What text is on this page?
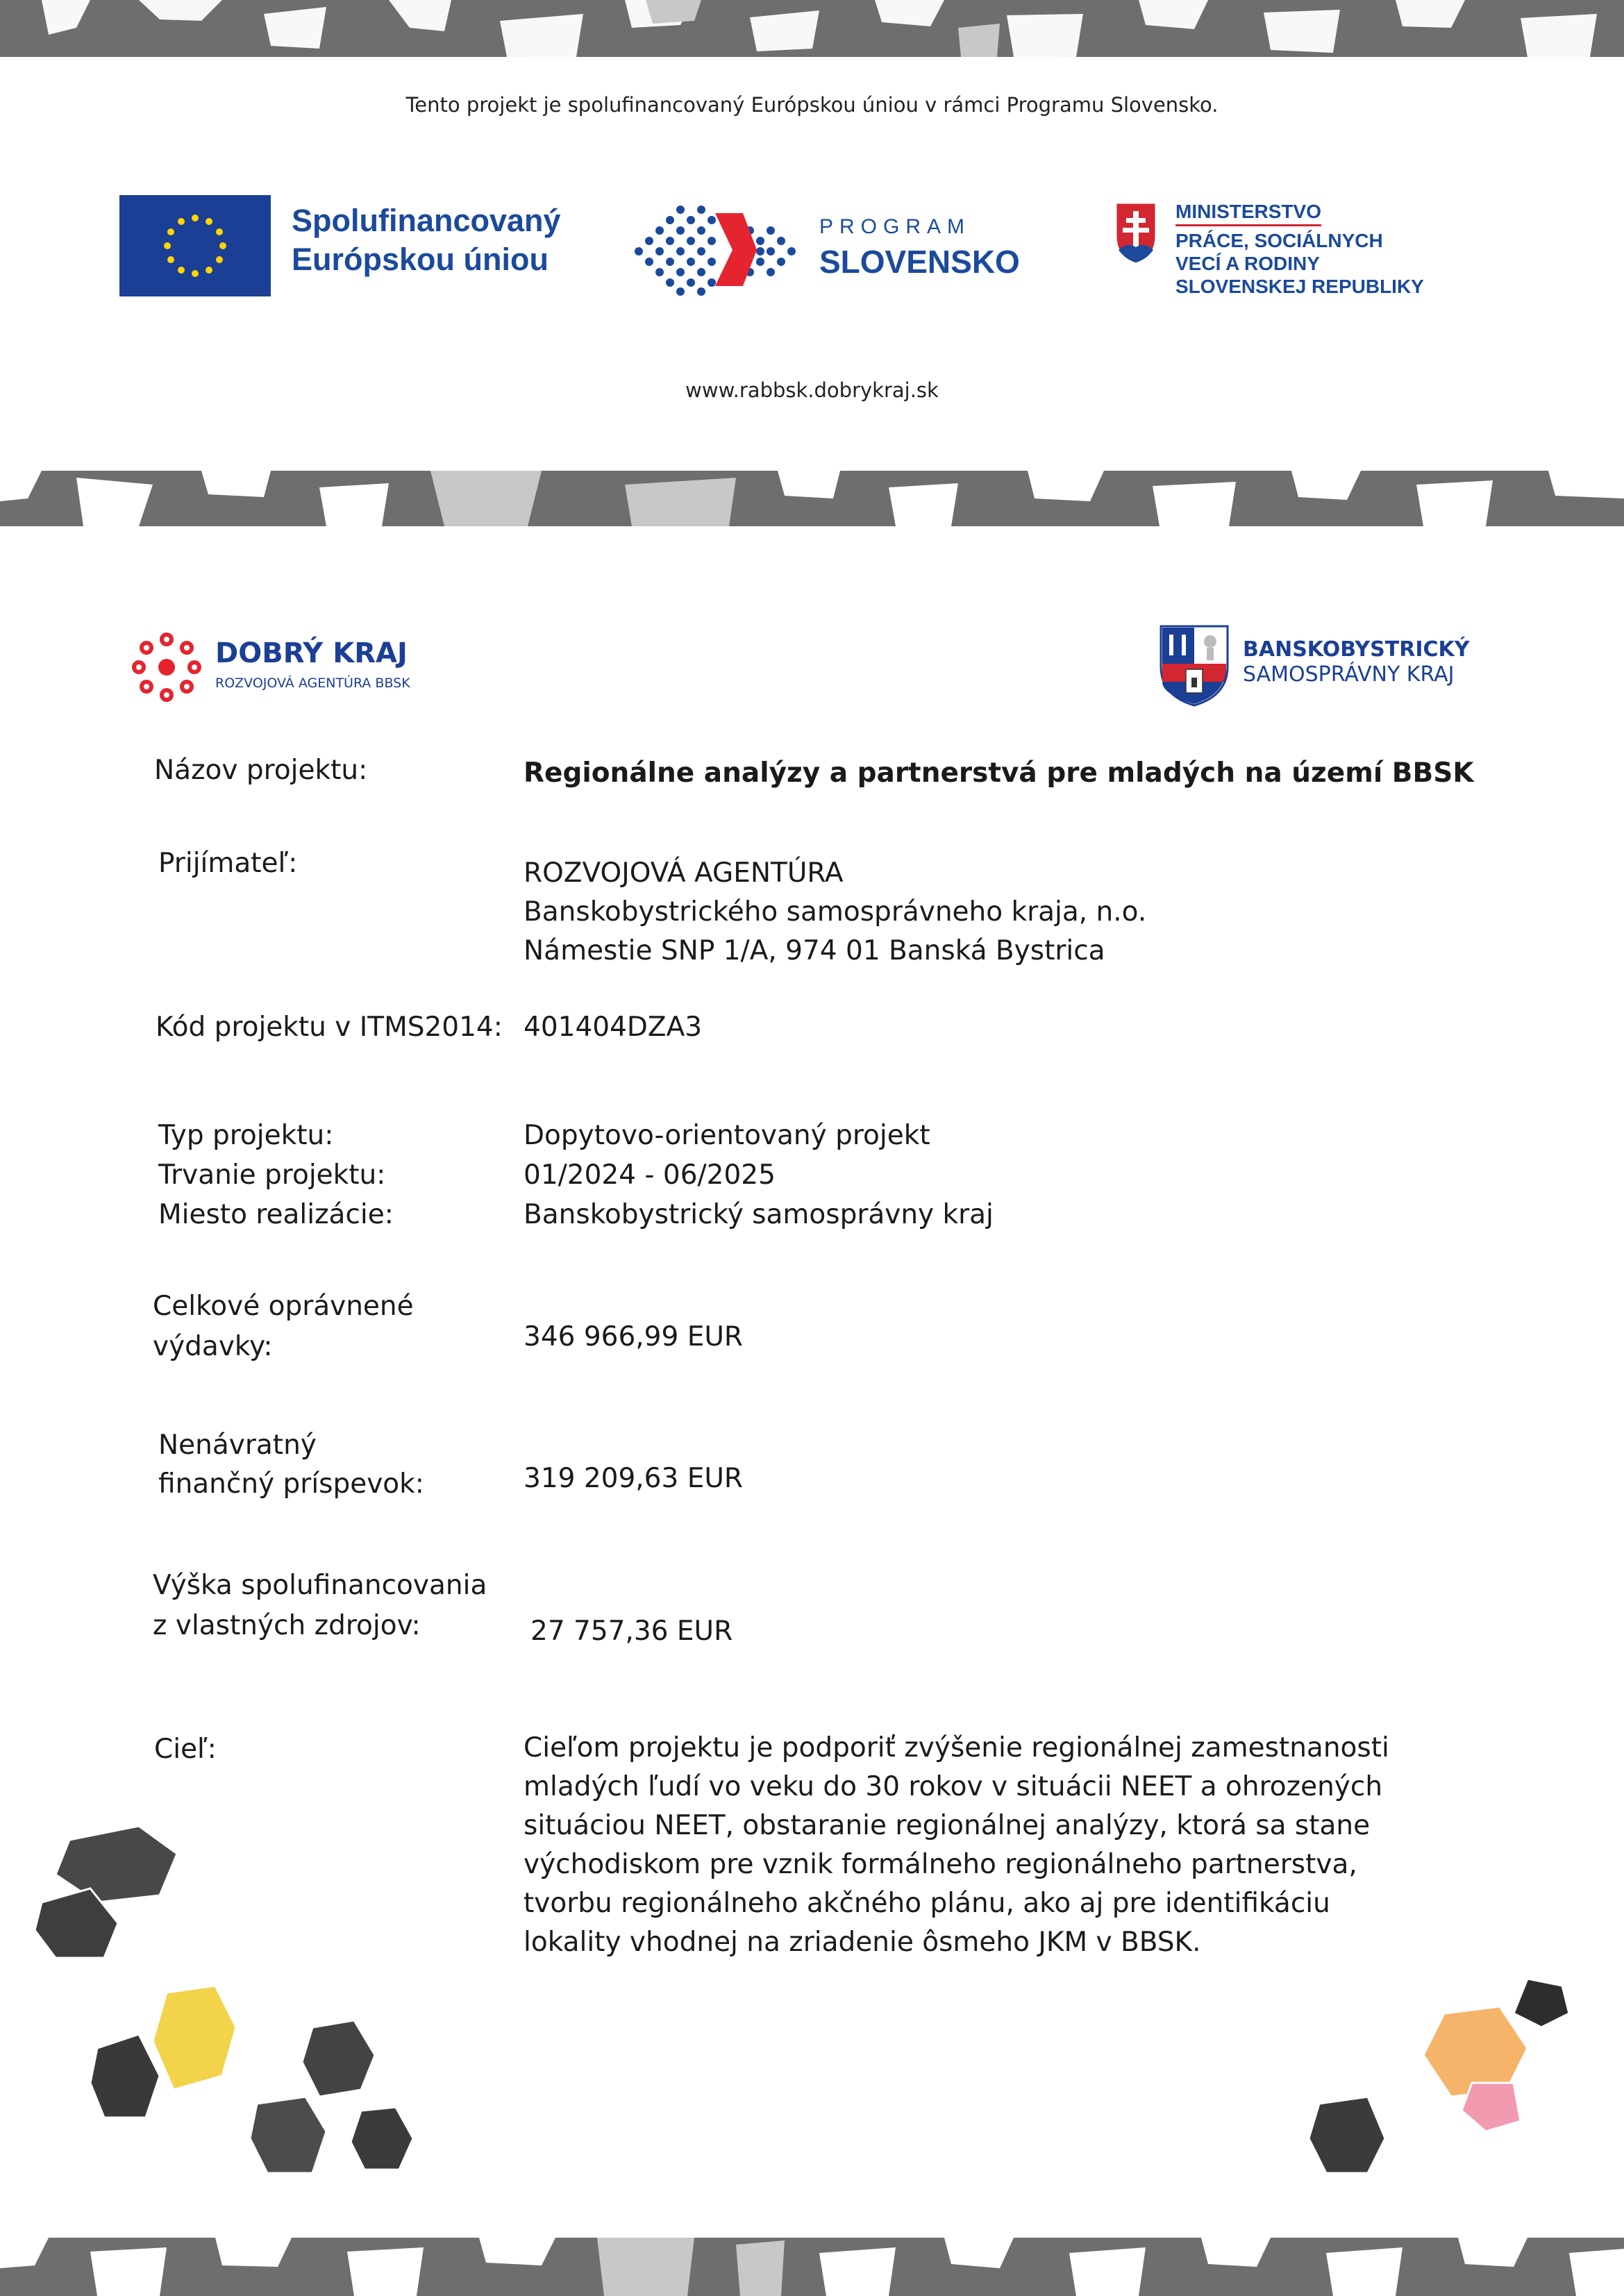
Tento projekt je spolufinancovaný Európskou úniou v rámci Programu Slovensko.
Spolufinancovaný
Európskou úniou
PROGRAM
SLOVENSKO
MINISTERSTVO
PRÁCE, SOCIÁLNYCH
VECÍ A RODINY
SLOVENSKEJ REPUBLIKY
www.rabbsk.dobrykraj.sk
DOBRÝ KRAJ
ROZVOJOVÁ AGENTÚRA BBSK
BANSKOBYSTRICKÝ
SAMOSPRÁVNY KRAJ
Názov projektu:	Regionálne analýzy a partnerstvá pre mladých na území BBSK
Prijímateľ:	ROZVOJOVÁ AGENTÚRA
Banskobystrického samosprávneho kraja, n.o.
Námestie SNP 1/A, 974 01 Banská Bystrica
Kód projektu v ITMS2014: 401404DZA3
Typ projektu:	Dopytovo-orientovaný projekt
Trvanie projektu:	01/2024 - 06/2025
Miesto realizácie:	Banskobystrický samosprávny kraj
Celkové oprávnené
výdavky:	346 966,99 EUR
Nenávratný
finančný príspevok:	319 209,63 EUR
Výška spolufinancovania
z vlastných zdrojov:	27 757,36 EUR
Cieľ:	Cieľom projektu je podporiť zvýšenie regionálnej zamestnanosti
mladých ľudí vo veku do 30 rokov v situácii NEET a ohrozených
situáciou NEET, obstaranie regionálnej analýzy, ktorá sa stane
východiskom pre vznik formálneho regionálneho partnerstva,
tvorbu regionálneho akčného plánu, ako aj pre identifikáciu
lokality vhodnej na zriadenie ôsmeho JKM v BBSK.
